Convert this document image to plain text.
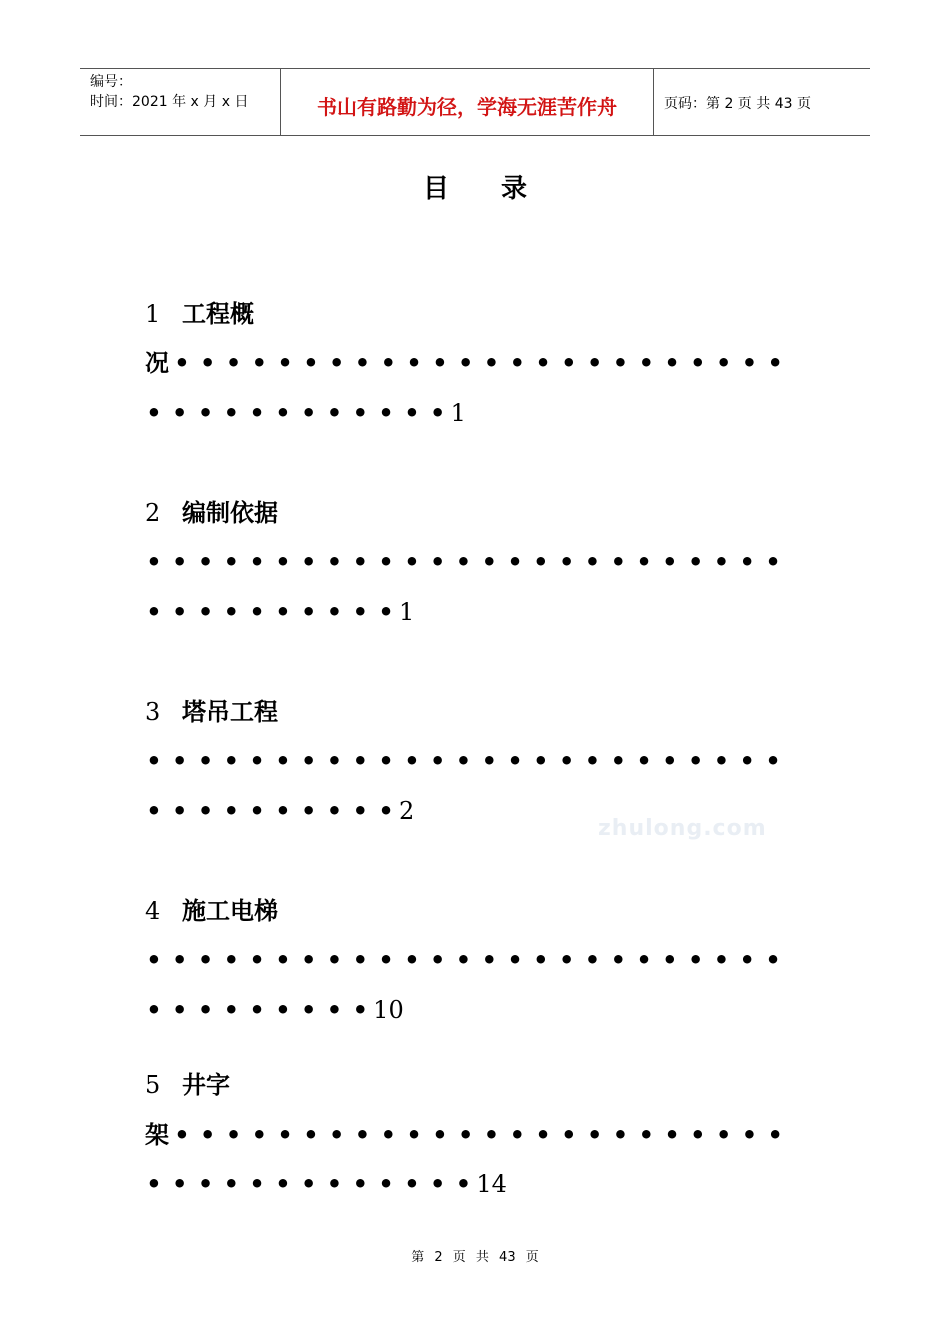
编号：
时间：2021 年 x 月 x 日	书山有路勤为径，学海无涯苦作舟	页码：第 2 页 共 43 页
目录
1 工程概
况 • • • • • • • • • • • • • • • • • • • • • • • •
• • • • • • • • • • • • 1
2 编制依据
• • • • • • • • • • • • • • • • • • • • • • • • •
• • • • • • • • • • 1
3 塔吊工程
• • • • • • • • • • • • • • • • • • • • • • • • •
• • • • • • • • • • 2
4 施工电梯
• • • • • • • • • • • • • • • • • • • • • • • • •
• • • • • • • • • 10
5 井字
架 • • • • • • • • • • • • • • • • • • • • • • • •
• • • • • • • • • • • • • 14
zhulong.com
第 2 页 共 43 页
